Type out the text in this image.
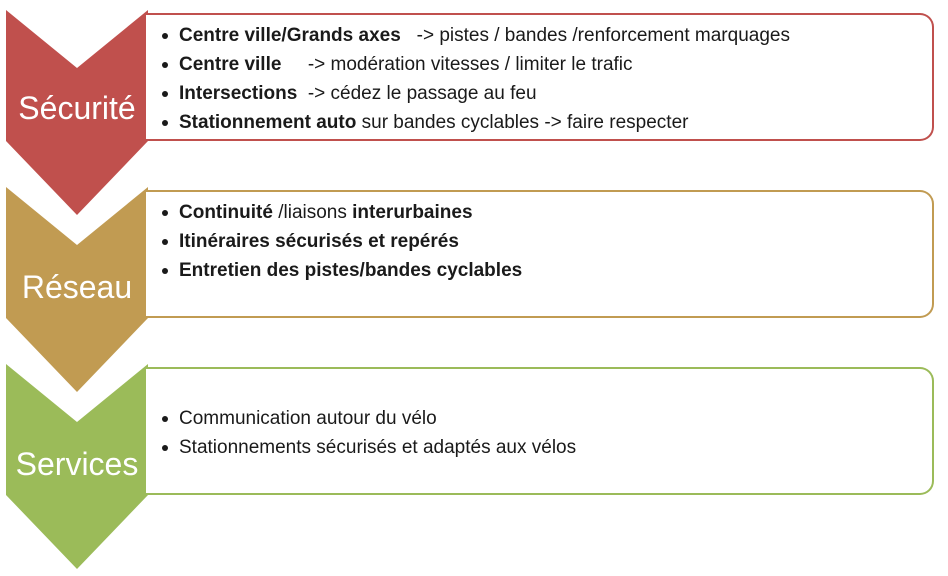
Sécurité
Centre ville/Grands axes   -> pistes / bandes /renforcement marquages
Centre ville     -> modération vitesses / limiter le trafic
Intersections  -> cédez le passage au feu
Stationnement auto sur bandes cyclables -> faire respecter
Réseau
Continuité /liaisons interurbaines
Itinéraires sécurisés et repérés
Entretien des pistes/bandes cyclables
Services
Communication autour du vélo
Stationnements sécurisés et adaptés aux vélos
